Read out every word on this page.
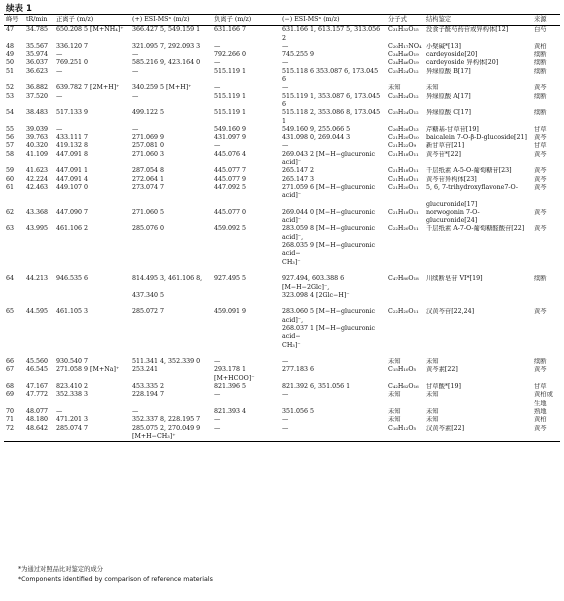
续表 1
峰号	tR/min	正离子 (m/z)	(+) ESI-MSⁿ (m/z)	负离子 (m/z)	(−) ESI-MSⁿ (m/z)	分子式	结构鉴定	来源
47	34.785	650.208 5 [M+NH₄]⁺	366.427 5, 549.159 1	631.166 7	631.166 1, 613.157 5, 313.056 2	C₃₁H₃₂O₁₅	没食子酰芍药苷或异构体[12]	白芍
48	35.567	336.120 7	321.095 7, 292.093 3	—	—	C₂₀H₁₇NO₄	小檗碱*[13]	黄柏
49	35.974	—	—	792.266 0	745.255 9	C₃₄H₄₆O₁₉	cardeyoside[20]	续断
50	36.037	769.251 0	585.216 9, 423.164 0	—	—	C₃₄H₄₆O₁₉	cardeyoside 异构体[20]	续断
51	36.623	—	—	515.119 1	515.118 6 353.087 6, 173.045 6	C₂₅H₂₄O₁₂	异绿原酸 B[17]	续断
52	36.882	639.782 7 [2M+H]⁺	340.259 5 [M+H]⁺	—	—	未知	未知	黄芩
53	37.520	—	—	515.119 1	515.119 1, 353.087 6, 173.045 6	C₂₅H₂₄O₁₂	异绿原酸 A[17]	续断
54	38.483	517.133 9	499.122 5	515.119 1	515.118 2, 353.086 8, 173.045 1	C₂₅H₂₄O₁₂	异绿原酸 C[17]	续断
55	39.039	—	—	549.160 9	549.160 9, 255.066 5	C₂₆H₂₈O₁₃	芹糖基-甘草苷[19]	甘草
56	39.763	433.111 7	271.069 9	431.097 9	431.098 0, 269.044 3	C₂₁H₂₀O₁₀	baicalein 7-O-β-D-glucoside[21]	黄芩
57	40.320	419.132 8	257.081 0	—	—	C₂₁H₂₂O₉	新甘草苷[21]	甘草
58	41.109	447.091 8	271.060 3	445.076 4	269.043 2 [M−H−glucuronic acid]⁻	C₂₁H₁₈O₁₁	黄芩苷*[22]	黄芩
59	41.623	447.091 1	287.054 8	445.077 7	265.147 2	C₂₁H₁₈O₁₁	千层纸素 A-5-O-葡萄糖苷[23]	黄芩
60	42.224	447.091 4	272.064 1	445.077 9	265.147 3	C₂₁H₁₈O₁₁	黄芩苷异构体[23]	黄芩
61	42.463	449.107 0	273.074 7	447.092 5	271.059 6 [M−H−glucuronic acid]⁻	C₂₁H₂₀O₁₁	5, 6, 7-trihydroxyflavone7-O-	黄芩
							glucuronide[17]	
62	43.368	447.090 7	271.060 5	445.077 0	269.044 0 [M−H−glucuronic acid]⁻	C₂₁H₁₈O₁₁	norwogonin 7-O-glucuronide[24]	黄芩
63	43.995	461.106 2	285.076 0	459.092 5	283.059 8 [M−H−glucuronic acid]⁻,	C₂₂H₂₀O₁₁	千层纸素 A-7-O-葡萄糖醛酸苷[22]	黄芩
					268.035 9 [M−H−glucuronic acid−			
					CH₃]⁻			

64	44.213	946.535 6	814.495 3, 461.106 8,	927.495 5	927.494, 603.388 6 [M−H−2Glc]⁻,	C₄₇H₈₀O₁₈	川续断皂苷 VI*[19]	续断
			437.340 5		323.098 4 [2Glc−H]⁻			

65	44.595	461.105 3	285.072 7	459.091 9	283.060 5 [M−H−glucuronic acid]⁻,	C₂₂H₂₀O₁₁	汉黄芩苷[22,24]	黄芩
					268.037 1 [M−H−glucuronic acid−			
					CH₃]⁻			

66	45.560	930.540 7	511.341 4, 352.339 0	—	—	未知	未知	续断
67	46.545	271.058 9 [M+Na]⁺	253.241	293.178 1 [M+HCOO]⁻	277.183 6	C₁₅H₁₀O₅	黄芩素[22]	黄芩
68	47.167	823.410 2	453.335 2	821.396 5	821.392 6, 351.056 1	C₄₂H₆₂O₁₆	甘草酸*[19]	甘草
69	47.772	352.338 3	228.194 7	—	—	未知	未知	黄柏或
								生地
70	48.077	—	—	821.393 4	351.056 5	未知	未知	熟地
71	48.180	471.201 3	352.337 8, 228.195 7	—	—	未知	未知	黄柏
72	48.642	285.074 7	285.075 2, 270.049 9	—	—	C₁₆H₁₂O₅	汉黄芩素[22]	黄芩
			[M+H−CH₃]⁺					
*为通过对照品比对鉴定的成分
*Components identified by comparison of reference materials
